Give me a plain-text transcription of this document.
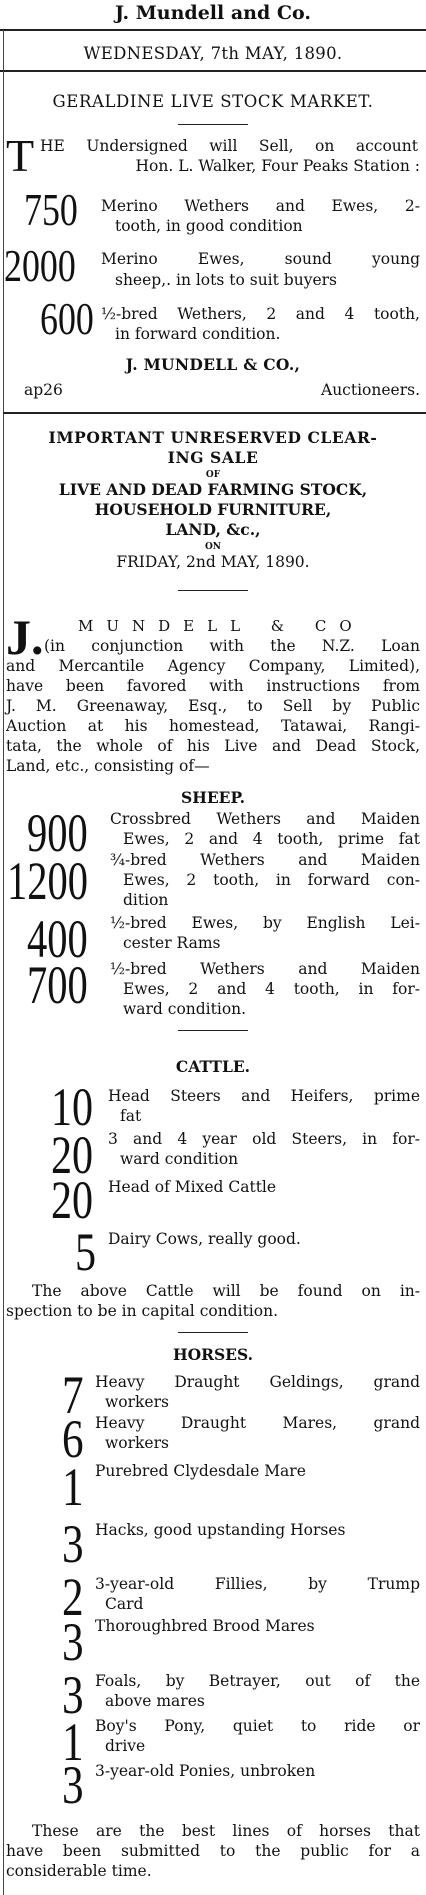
J. Mundell and Co.
WEDNESDAY, 7th MAY, 1890.
GERALDINE LIVE STOCK MARKET.
T HE Undersigned will Sell, on account
Hon. L. Walker, Four Peaks Station :
750 Merino Wethers and Ewes, 2-
tooth, in good condition
2000 Merino Ewes, sound young
sheep,. in lots to suit buyers
600 ½-bred Wethers, 2 and 4 tooth,
in forward condition.
J. MUNDELL & CO.,
ap26	Auctioneers.
IMPORTANT UNRESERVED CLEAR-
ING SALE
OF
LIVE AND DEAD FARMING STOCK,
HOUSEHOLD FURNITURE,
LAND, &c.,
ON
FRIDAY, 2nd MAY, 1890.
J. MUNDELL & CO
(in conjunction with the N.Z. Loan
and Mercantile Agency Company, Limited),
have been favored with instructions from
J. M. Greenaway, Esq., to Sell by Public
Auction at his homestead, Tatawai, Rangi-
tata, the whole of his Live and Dead Stock,
Land, etc., consisting of—
SHEEP.
900 Crossbred Wethers and Maiden
Ewes, 2 and 4 tooth, prime fat
1200 ¾-bred Wethers and Maiden
Ewes, 2 tooth, in forward con-
dition
400 ½-bred Ewes, by English Lei-
cester Rams
700 ½-bred Wethers and Maiden
Ewes, 2 and 4 tooth, in for-
ward condition.
CATTLE.
10 Head Steers and Heifers, prime
fat
20 3 and 4 year old Steers, in for-
ward condition
20 Head of Mixed Cattle
5 Dairy Cows, really good.
The above Cattle will be found on in-
spection to be in capital condition.
HORSES.
7 Heavy Draught Geldings, grand
workers
6 Heavy Draught Mares, grand
workers
1 Purebred Clydesdale Mare
3 Hacks, good upstanding Horses
2 3-year-old Fillies, by Trump
Card
3 Thoroughbred Brood Mares
3 Foals, by Betrayer, out of the
above mares
1 Boy's Pony, quiet to ride or
drive
3 3-year-old Ponies, unbroken
These are the best lines of horses that
have been submitted to the public for a
considerable time.
